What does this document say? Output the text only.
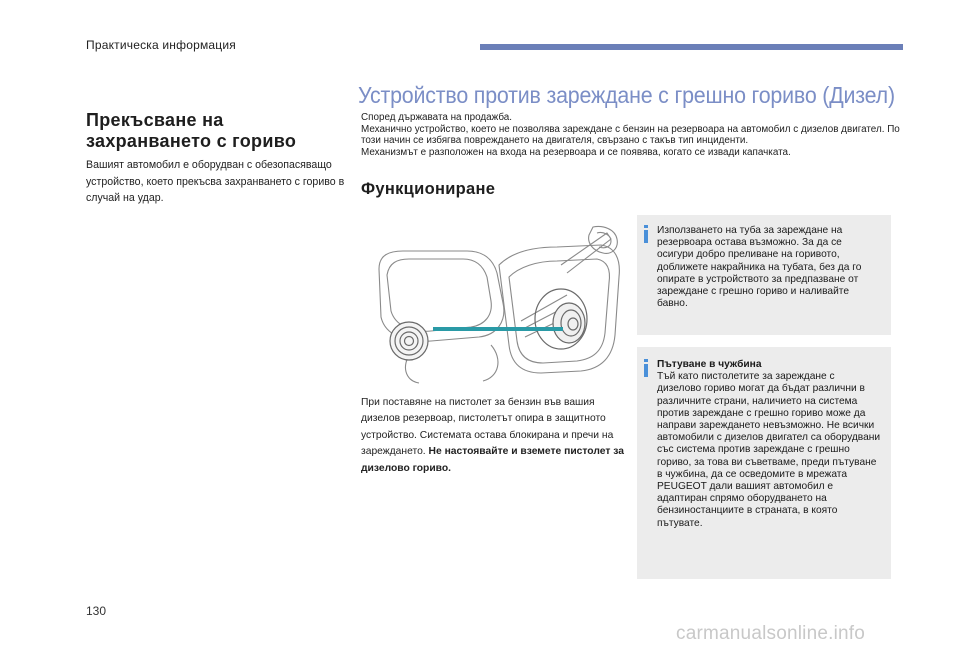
Практическа информация
Прекъсване на
захранването с гориво
Вашият автомобил е оборудван с обезопасяващо устройство, което прекъсва захранването с гориво в случай на удар.
Устройство против зареждане с грешно гориво (Дизел)

Според държавата на продажба.

Механично устройство, което не позволява зареждане с бензин на резервоара на автомобил с дизелов двигател. По този начин се избягва повреждането на двигателя, свързано с такъв тип инциденти.

Механизмът е разположен на входа на резервоара и се появява, когато се извади капачката.

Функциониране
При поставяне на пистолет за бензин във вашия дизелов резервоар, пистолетът опира в защитното устройство. Системата остава блокирана и пречи на зареждането. Не настоявайте и вземете пистолет за дизелово гориво.
Използването на туба за зареждане на резервоара остава възможно. За да се осигури добро преливане на горивото, доближете накрайника на тубата, без да го опирате в устройството за предпазване от зареждане с грешно гориво и наливайте бавно.
Пътуване в чужбина
Тъй като пистолетите за зареждане с дизелово гориво могат да бъдат различни в различните страни, наличието на система против зареждане с грешно гориво може да направи зареждането невъзможно. Не всички автомобили с дизелов двигател са оборудвани със система против зареждане с грешно гориво, за това ви съветваме, преди пътуване в чужбина, да се осведомите в мрежата PEUGEOT дали вашият автомобил е адаптиран спрямо оборудването на бензиностанциите в страната, в която пътувате.
130
carmanualsonline.info
